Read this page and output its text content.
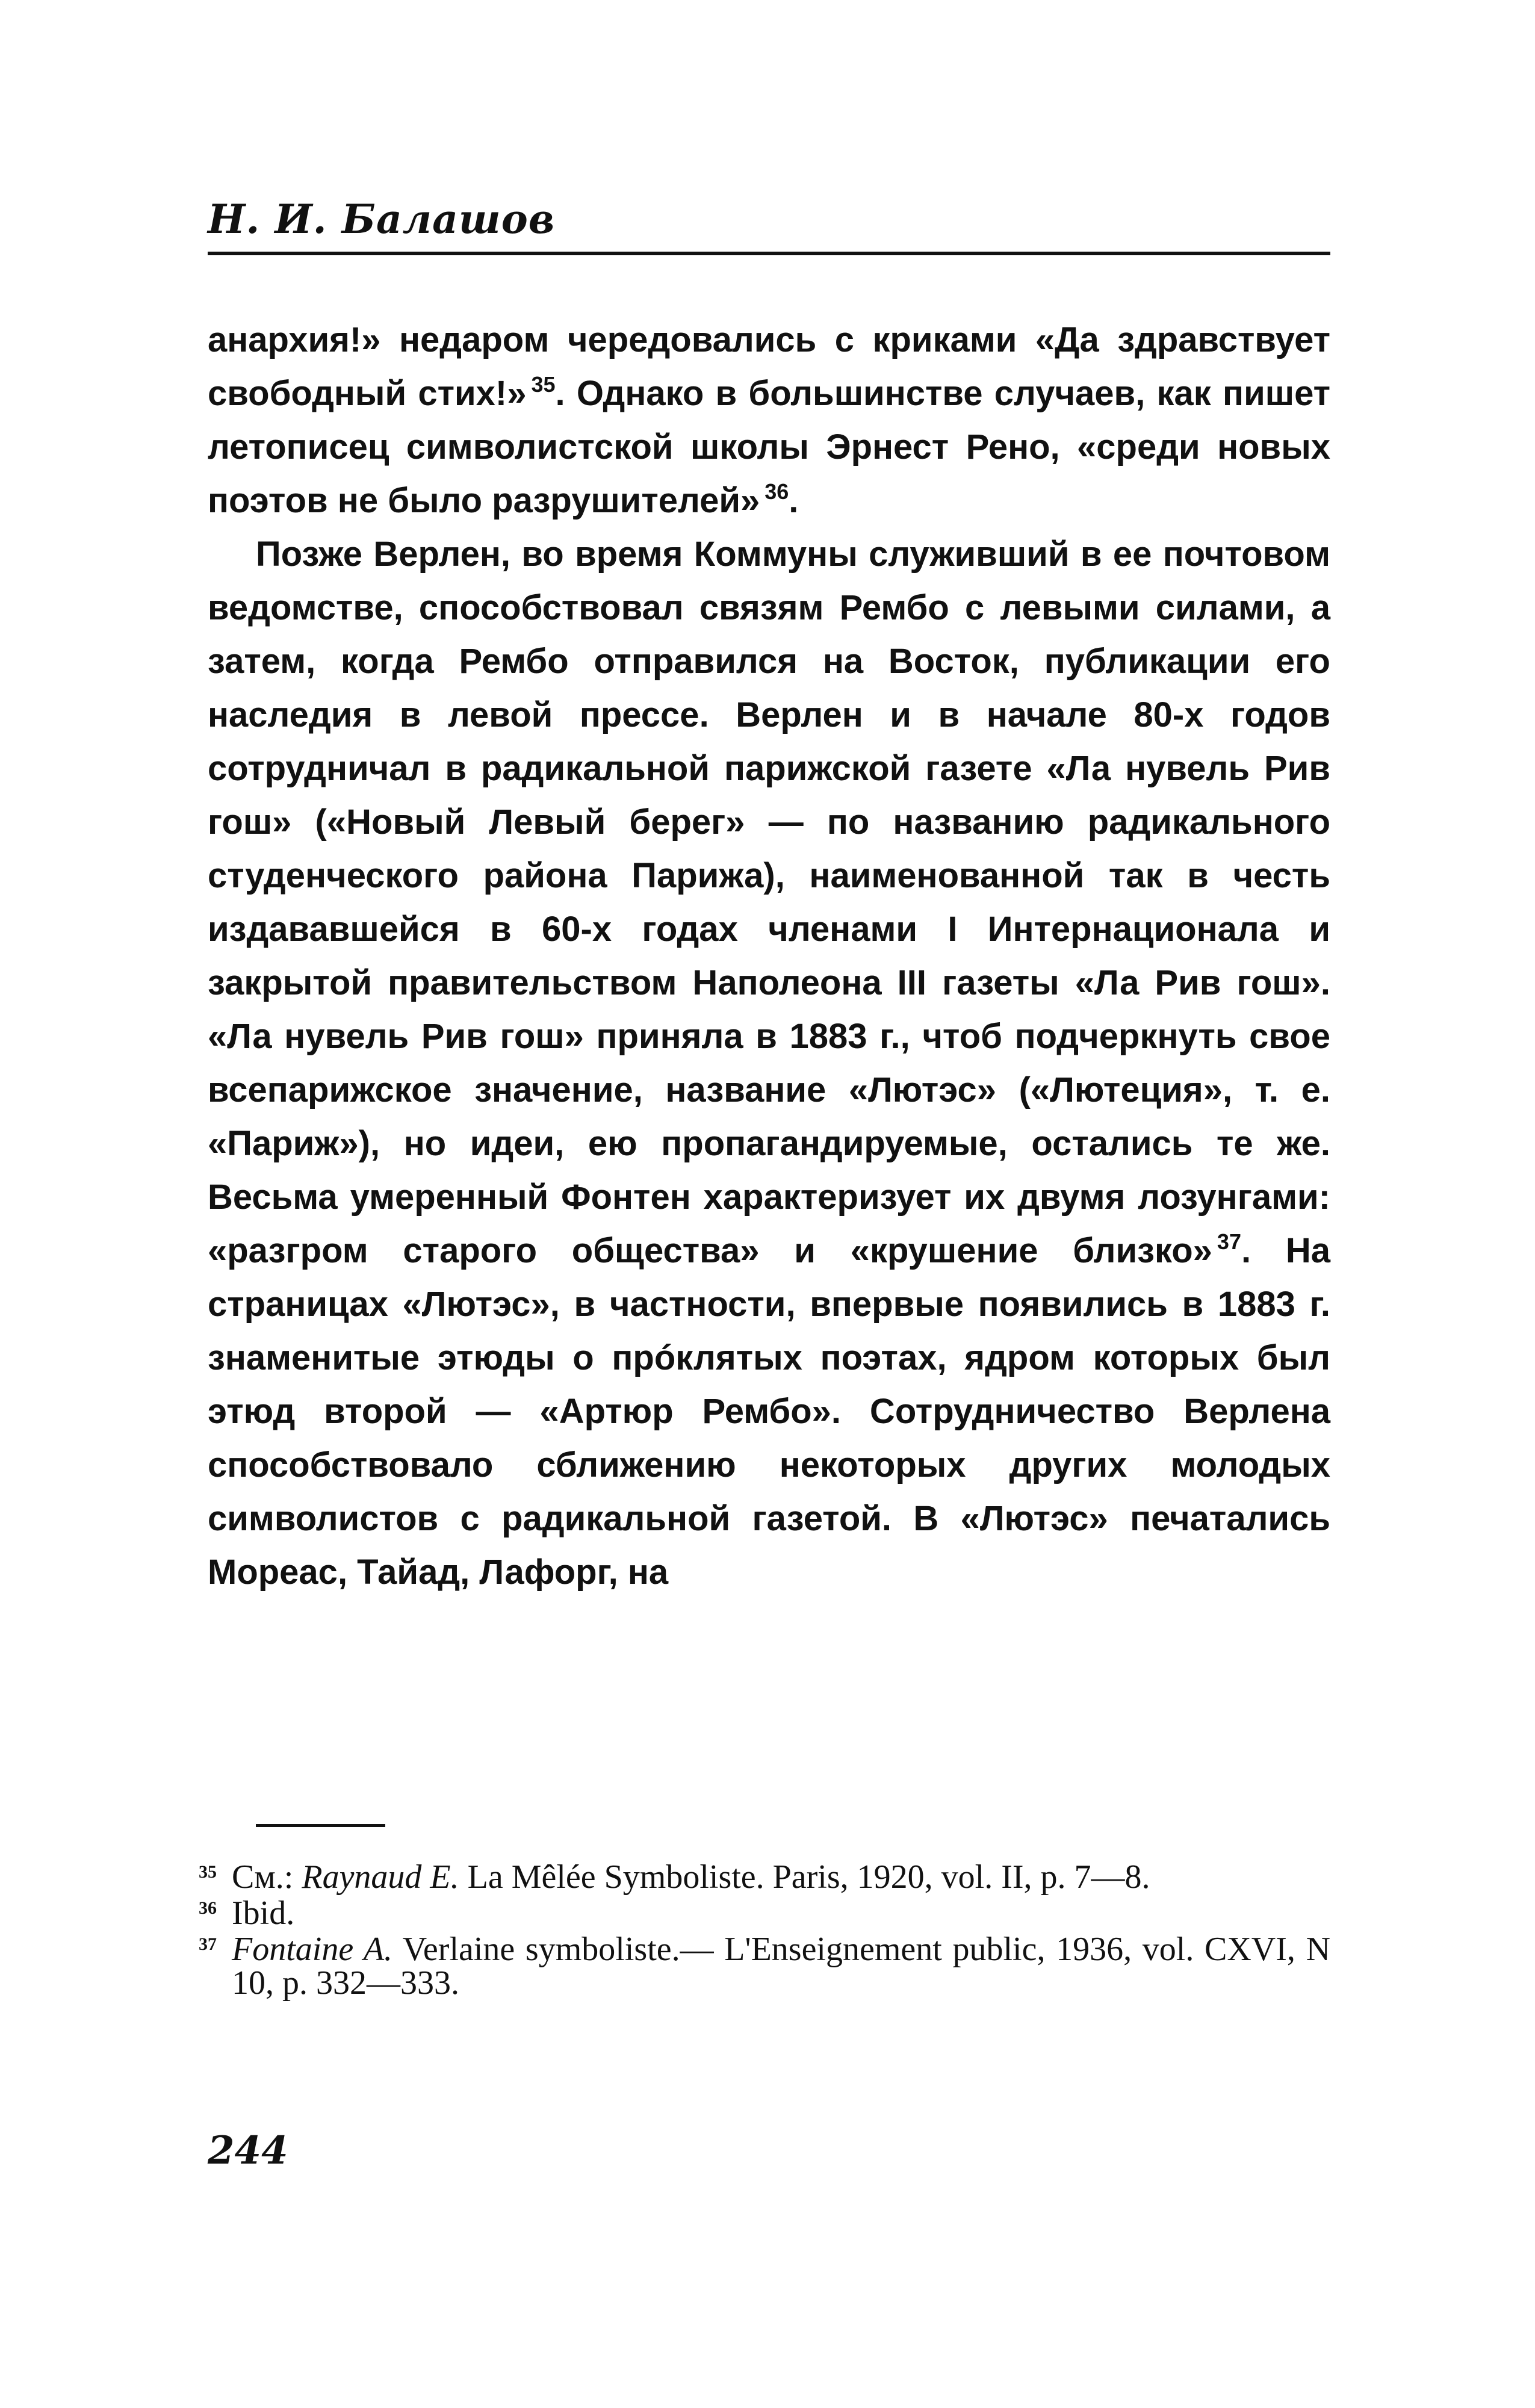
Н. И. Балашов

анархия!» недаром чередовались с криками «Да здравствует свободный стих!» $^{35}$. Однако в большинстве случаев, как пишет летописец символистской школы Эрнест Рено, «среди новых поэтов не было разрушителей» $^{36}$.

Позже Верлен, во время Коммуны служивший в ее почтовом ведомстве, способствовал связям Рембо с левыми силами, а затем, когда Рембо отправился на Восток, публикации его наследия в левой прессе. Верлен и в начале 80-х годов сотрудничал в радикальной парижской газете «Ла нувель Рив гош» («Новый Левый берег» — по названию радикального студенческого района Парижа), наименованной так в честь издававшейся в 60-х годах членами I Интернационала и закрытой правительством Наполеона III газеты «Ла Рив гош». «Ла нувель Рив гош» приняла в 1883 г., чтоб подчеркнуть свое всепарижское значение, название «Лютэс» («Лютеция», т. е. «Париж»), но идеи, ею пропагандируемые, остались те же. Весьма умеренный Фонтен характеризует их двумя лозунгами: «разгром старого общества» и «крушение близко» $^{37}$. На страницах «Лютэс», в частности, впервые появились в 1883 г. знаменитые этюды о прóклятых поэтах, ядром которых был этюд второй — «Артюр Рембо». Сотрудничество Верлена способствовало сближению некоторых других молодых символистов с радикальной газетой. В «Лютэс» печатались Мореас, Тайад, Лафорг, на

35 См.: Raynaud E. La Mêlée Symboliste. Paris, 1920, vol. II, p. 7—8.
36 Ibid.
37 Fontaine A. Verlaine symboliste.— L'Enseignement public, 1936, vol. CXVI, N 10, p. 332—333.
244
